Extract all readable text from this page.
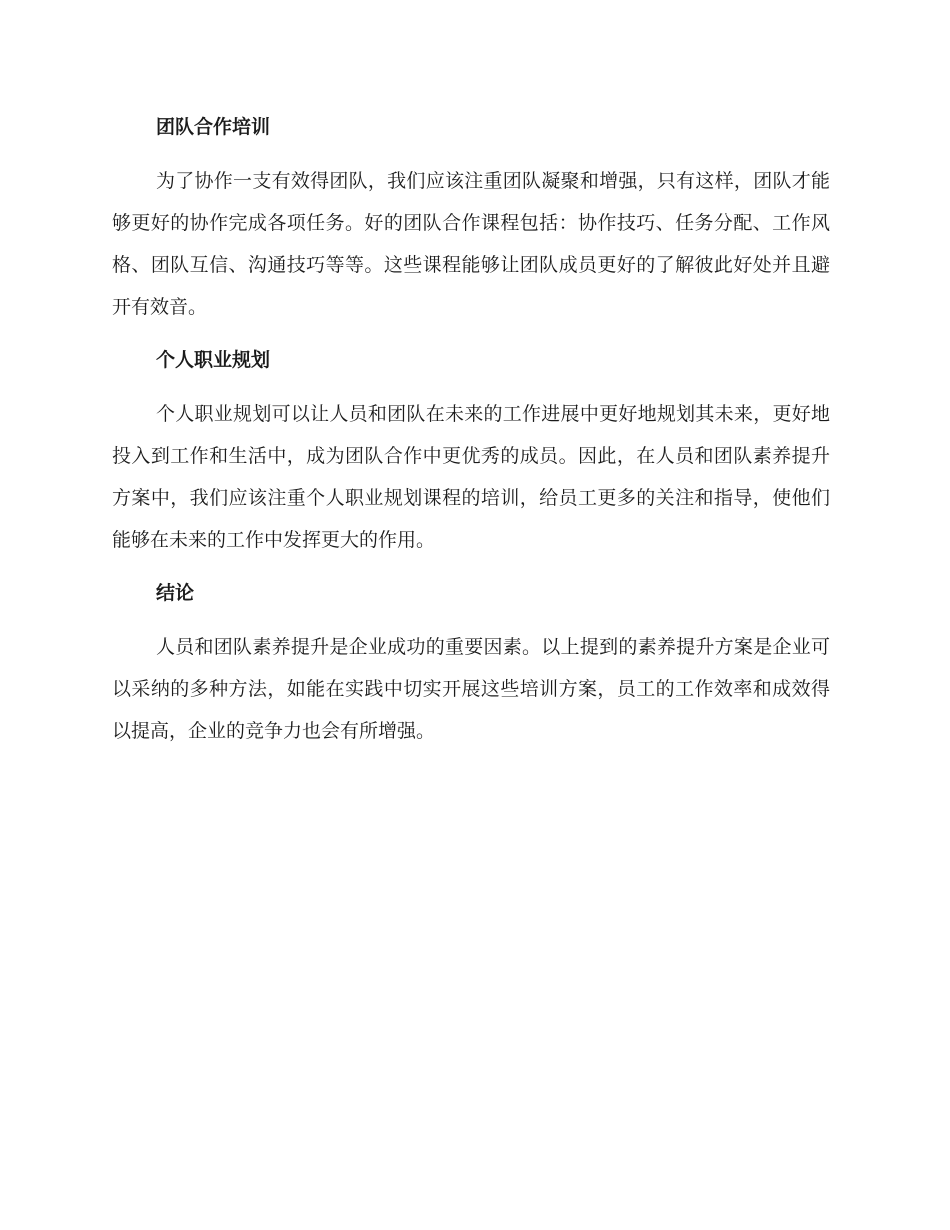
团队合作培训

为了协作一支有效得团队，我们应该注重团队凝聚和增强，只有这样，团队才能够更好的协作完成各项任务。好的团队合作课程包括：协作技巧、任务分配、工作风格、团队互信、沟通技巧等等。这些课程能够让团队成员更好的了解彼此好处并且避开有效音。

个人职业规划

个人职业规划可以让人员和团队在未来的工作进展中更好地规划其未来，更好地投入到工作和生活中，成为团队合作中更优秀的成员。因此，在人员和团队素养提升方案中，我们应该注重个人职业规划课程的培训，给员工更多的关注和指导，使他们能够在未来的工作中发挥更大的作用。

结论

人员和团队素养提升是企业成功的重要因素。以上提到的素养提升方案是企业可以采纳的多种方法，如能在实践中切实开展这些培训方案，员工的工作效率和成效得以提高，企业的竞争力也会有所增强。
